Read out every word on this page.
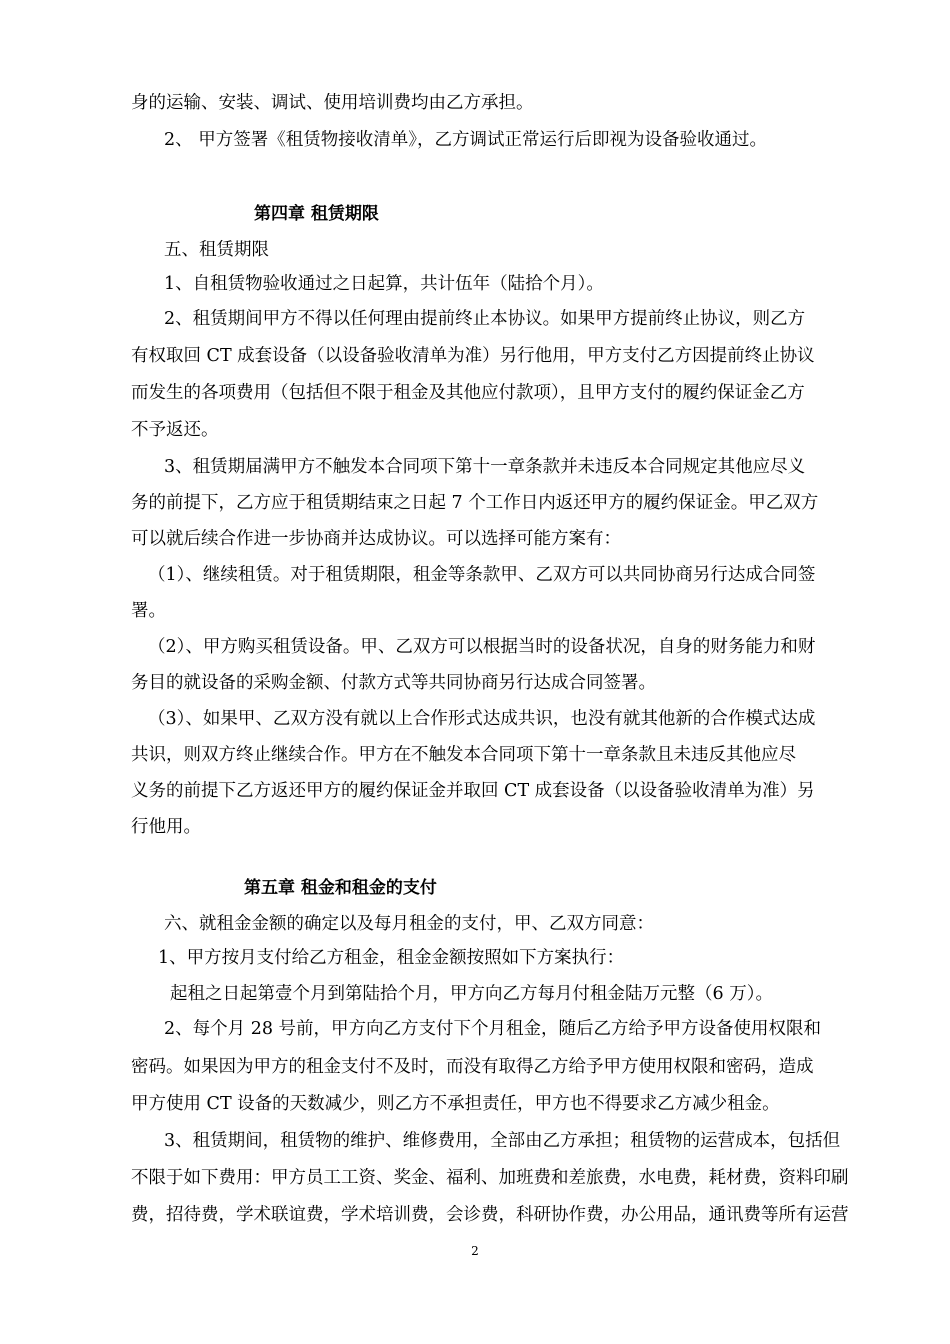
身的运输、安装、调试、使用培训费均由乙方承担。

2、 甲方签署《租赁物接收清单》，乙方调试正常运行后即视为设备验收通过。

第四章 租赁期限

五、租赁期限

1、自租赁物验收通过之日起算，共计伍年（陆拾个月）。

2、租赁期间甲方不得以任何理由提前终止本协议。如果甲方提前终止协议，则乙方

有权取回 CT 成套设备（以设备验收清单为准）另行他用，甲方支付乙方因提前终止协议

而发生的各项费用（包括但不限于租金及其他应付款项），且甲方支付的履约保证金乙方

不予返还。

3、租赁期届满甲方不触发本合同项下第十一章条款并未违反本合同规定其他应尽义

务的前提下，乙方应于租赁期结束之日起 7 个工作日内返还甲方的履约保证金。甲乙双方

可以就后续合作进一步协商并达成协议。可以选择可能方案有：

（1）、继续租赁。对于租赁期限，租金等条款甲、乙双方可以共同协商另行达成合同签

署。

（2）、甲方购买租赁设备。甲、乙双方可以根据当时的设备状况，自身的财务能力和财

务目的就设备的采购金额、付款方式等共同协商另行达成合同签署。

（3）、如果甲、乙双方没有就以上合作形式达成共识，也没有就其他新的合作模式达成

共识，则双方终止继续合作。甲方在不触发本合同项下第十一章条款且未违反其他应尽

义务的前提下乙方返还甲方的履约保证金并取回 CT 成套设备（以设备验收清单为准）另

行他用。

第五章 租金和租金的支付

六、就租金金额的确定以及每月租金的支付，甲、乙双方同意：

1、甲方按月支付给乙方租金，租金金额按照如下方案执行：

起租之日起第壹个月到第陆拾个月，甲方向乙方每月付租金陆万元整（6 万）。

2、每个月 28 号前，甲方向乙方支付下个月租金，随后乙方给予甲方设备使用权限和

密码。如果因为甲方的租金支付不及时，而没有取得乙方给予甲方使用权限和密码，造成

甲方使用 CT 设备的天数减少，则乙方不承担责任，甲方也不得要求乙方减少租金。

3、租赁期间，租赁物的维护、维修费用，全部由乙方承担；租赁物的运营成本，包括但

不限于如下费用：甲方员工工资、奖金、福利、加班费和差旅费，水电费，耗材费，资料印刷

费，招待费，学术联谊费，学术培训费，会诊费，科研协作费，办公用品，通讯费等所有运营

2
